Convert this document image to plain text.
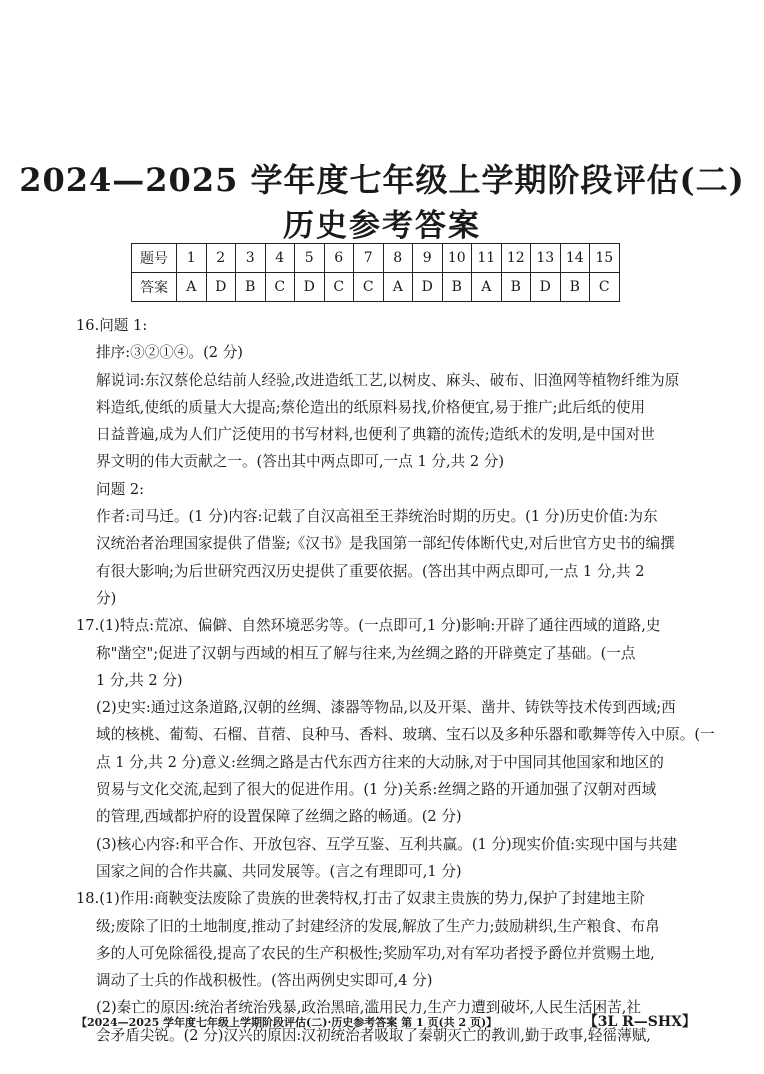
2024—2025 学年度七年级上学期阶段评估(二)
历史参考答案
题号	1	2	3	4	5	6	7	8	9	10	11	12	13	14	15
答案	A	D	B	C	D	C	C	A	D	B	A	B	D	B	C

16.问题 1:

排序:③②①④。(2 分)

解说词:东汉蔡伦总结前人经验,改进造纸工艺,以树皮、麻头、破布、旧渔网等植物纤维为原

料造纸,使纸的质量大大提高;蔡伦造出的纸原料易找,价格便宜,易于推广;此后纸的使用

日益普遍,成为人们广泛使用的书写材料,也便利了典籍的流传;造纸术的发明,是中国对世

界文明的伟大贡献之一。(答出其中两点即可,一点 1 分,共 2 分)

问题 2:

作者:司马迁。(1 分)内容:记载了自汉高祖至王莽统治时期的历史。(1 分)历史价值:为东

汉统治者治理国家提供了借鉴;《汉书》是我国第一部纪传体断代史,对后世官方史书的编撰

有很大影响;为后世研究西汉历史提供了重要依据。(答出其中两点即可,一点 1 分,共 2

分)

17.(1)特点:荒凉、偏僻、自然环境恶劣等。(一点即可,1 分)影响:开辟了通往西域的道路,史

称"凿空";促进了汉朝与西域的相互了解与往来,为丝绸之路的开辟奠定了基础。(一点

1 分,共 2 分)

(2)史实:通过这条道路,汉朝的丝绸、漆器等物品,以及开渠、凿井、铸铁等技术传到西域;西

域的核桃、葡萄、石榴、苜蓿、良种马、香料、玻璃、宝石以及多种乐器和歌舞等传入中原。(一

点 1 分,共 2 分)意义:丝绸之路是古代东西方往来的大动脉,对于中国同其他国家和地区的

贸易与文化交流,起到了很大的促进作用。(1 分)关系:丝绸之路的开通加强了汉朝对西域

的管理,西域都护府的设置保障了丝绸之路的畅通。(2 分)

(3)核心内容:和平合作、开放包容、互学互鉴、互利共赢。(1 分)现实价值:实现中国与共建

国家之间的合作共赢、共同发展等。(言之有理即可,1 分)

18.(1)作用:商鞅变法废除了贵族的世袭特权,打击了奴隶主贵族的势力,保护了封建地主阶

级;废除了旧的土地制度,推动了封建经济的发展,解放了生产力;鼓励耕织,生产粮食、布帛

多的人可免除徭役,提高了农民的生产积极性;奖励军功,对有军功者授予爵位并赏赐土地,

调动了士兵的作战积极性。(答出两例史实即可,4 分)

(2)秦亡的原因:统治者统治残暴,政治黑暗,滥用民力,生产力遭到破坏,人民生活困苦,社

会矛盾尖锐。(2 分)汉兴的原因:汉初统治者吸取了秦朝灭亡的教训,勤于政事,轻徭薄赋,

【2024—2025 学年度七年级上学期阶段评估(二)·历史参考答案 第 1 页(共 2 页)】	【3L R—SHX】
